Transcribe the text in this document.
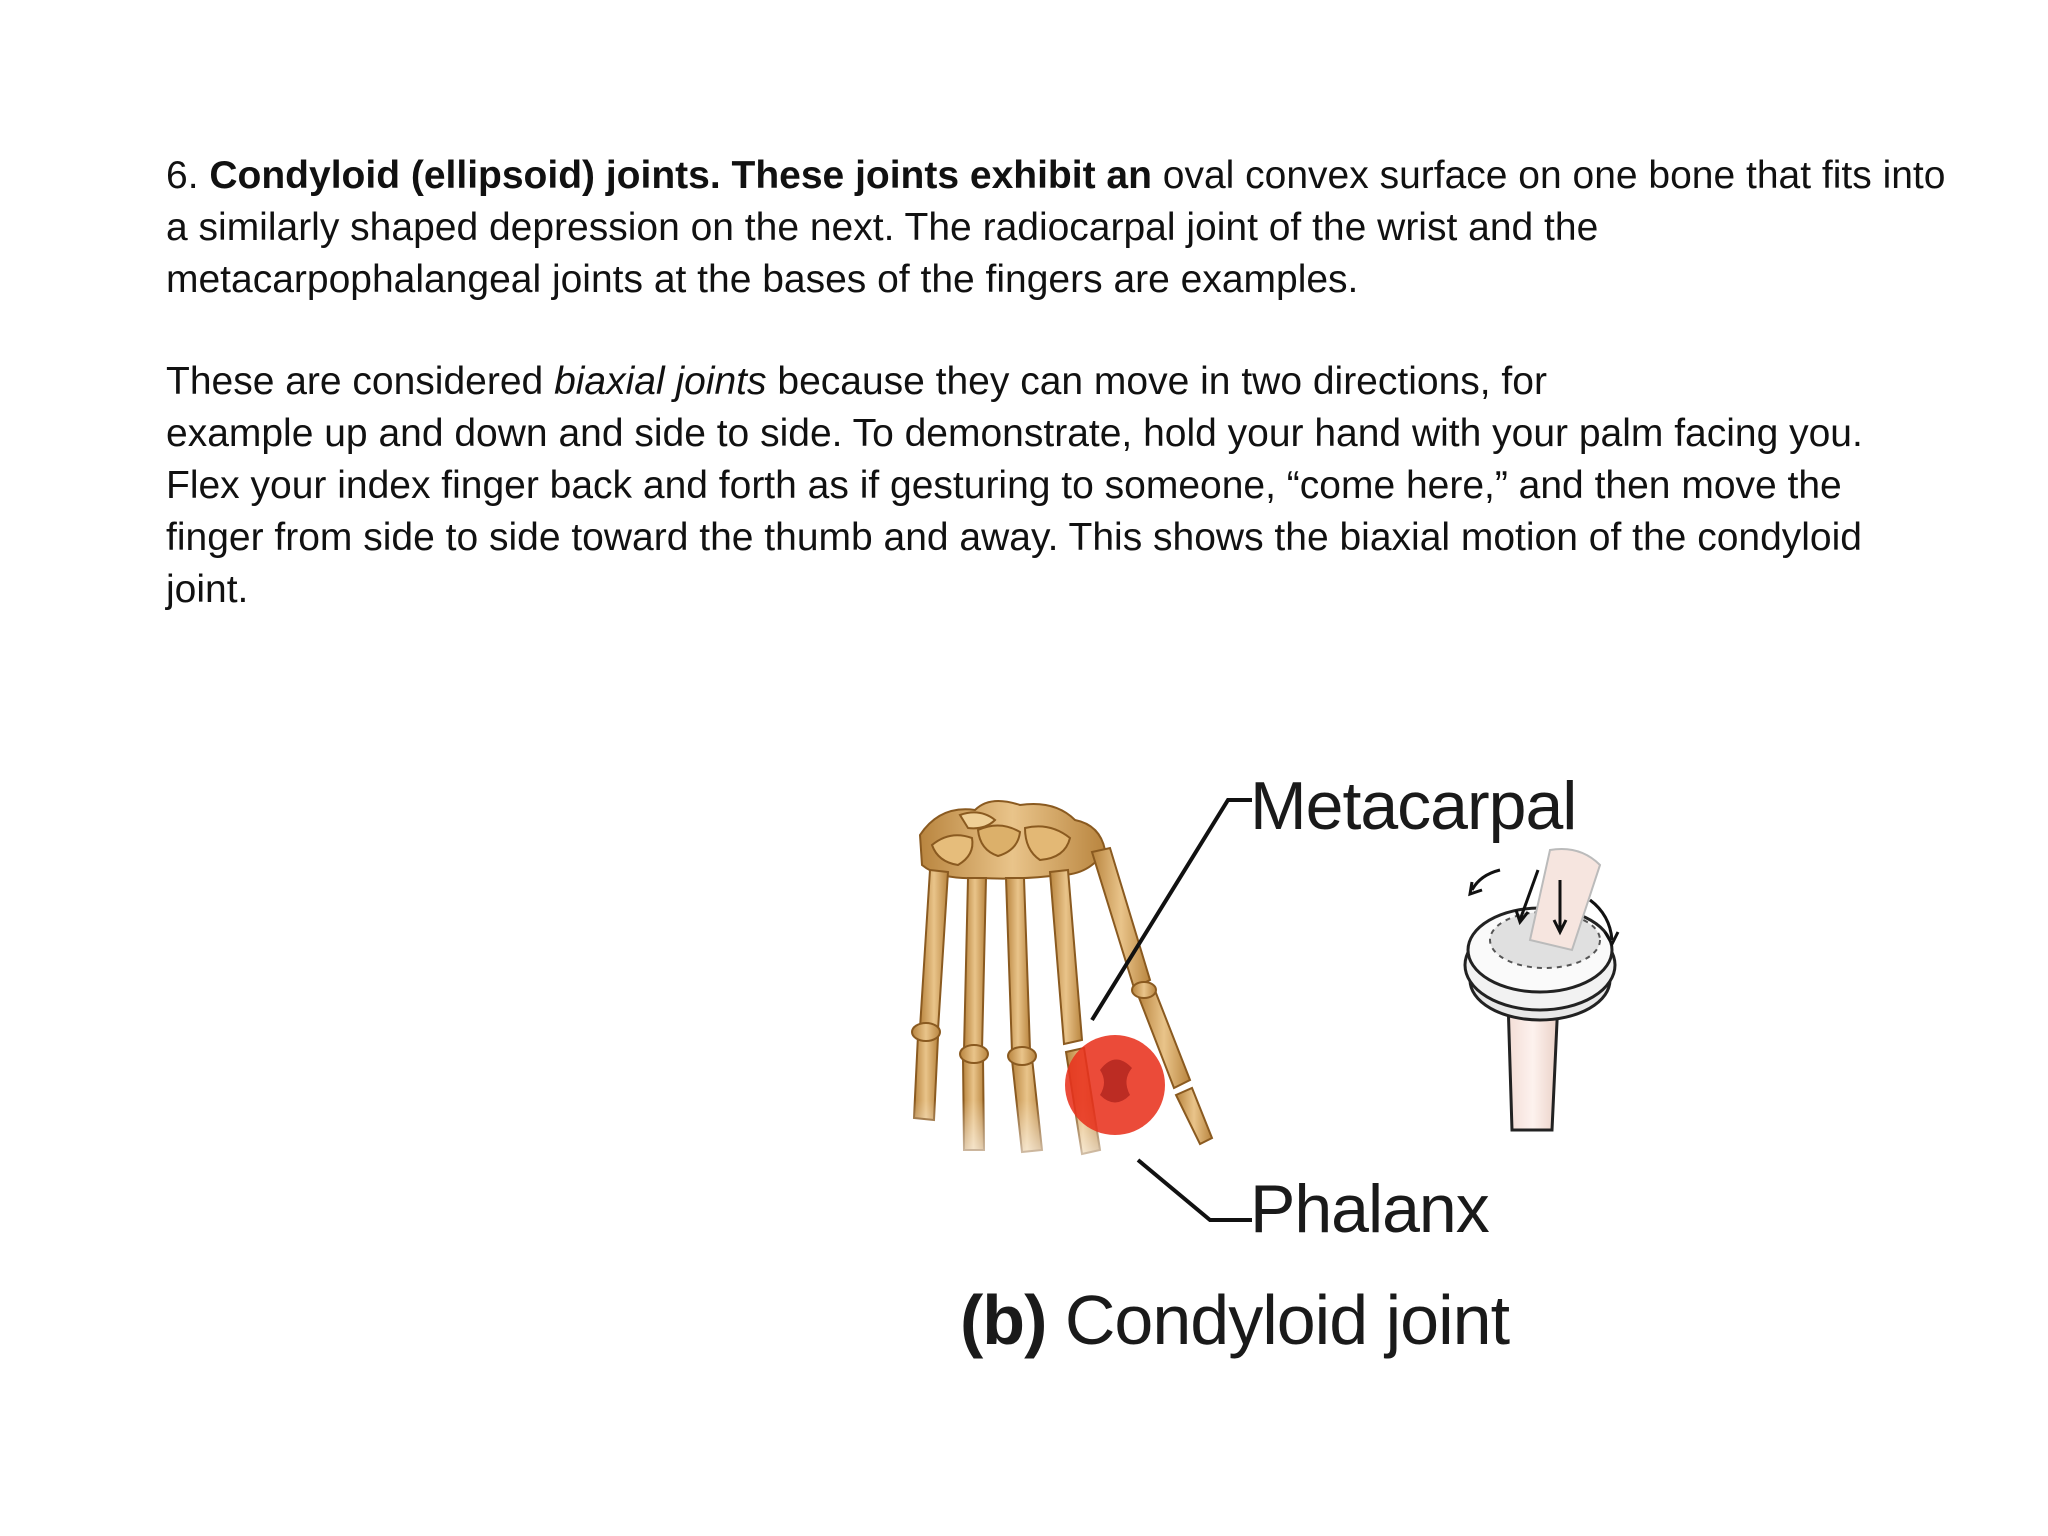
6. Condyloid (ellipsoid) joints. These joints exhibit an oval convex surface on one bone that fits into
a similarly shaped depression on the next. The radiocarpal joint of the wrist and the
metacarpophalangeal joints at the bases of the fingers are examples.

These are considered biaxial joints because they can move in two directions, for
example up and down and side to side. To demonstrate, hold your hand with your palm facing you.
Flex your index finger back and forth as if gesturing to someone, “come here,” and then move the
finger from side to side toward the thumb and away. This shows the biaxial motion of the condyloid
joint.

Metacarpal
Phalanx
(b) Condyloid joint
